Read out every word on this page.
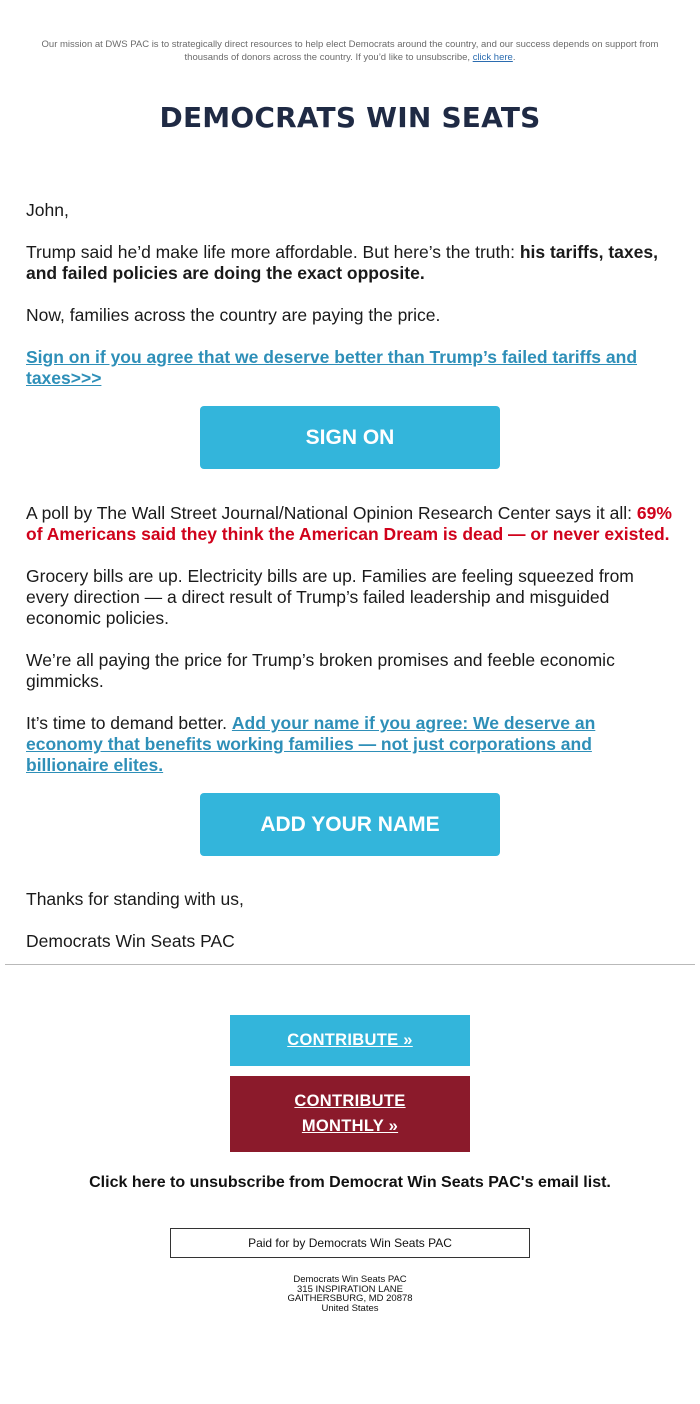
Our mission at DWS PAC is to strategically direct resources to help elect Democrats around the country, and our success depends on support from thousands of donors across the country. If you’d like to unsubscribe, click here.
DEMOCRATS WIN SEATS

John,

Trump said he’d make life more affordable. But here’s the truth: his tariffs, taxes, and failed policies are doing the exact opposite.

Now, families across the country are paying the price.

Sign on if you agree that we deserve better than Trump’s failed tariffs and taxes>>>

SIGN ON

A poll by The Wall Street Journal/National Opinion Research Center says it all: 69% of Americans said they think the American Dream is dead — or never existed.

Grocery bills are up. Electricity bills are up. Families are feeling squeezed from every direction — a direct result of Trump’s failed leadership and misguided economic policies.

We’re all paying the price for Trump’s broken promises and feeble economic gimmicks.

It’s time to demand better. Add your name if you agree: We deserve an economy that benefits working families — not just corporations and billionaire elites.

ADD YOUR NAME

Thanks for standing with us,

Democrats Win Seats PAC

CONTRIBUTE »
CONTRIBUTE
MONTHLY »
Click here to unsubscribe from Democrat Win Seats PAC's email list.
Paid for by Democrats Win Seats PAC
Democrats Win Seats PAC
315 INSPIRATION LANE
GAITHERSBURG, MD 20878
United States
